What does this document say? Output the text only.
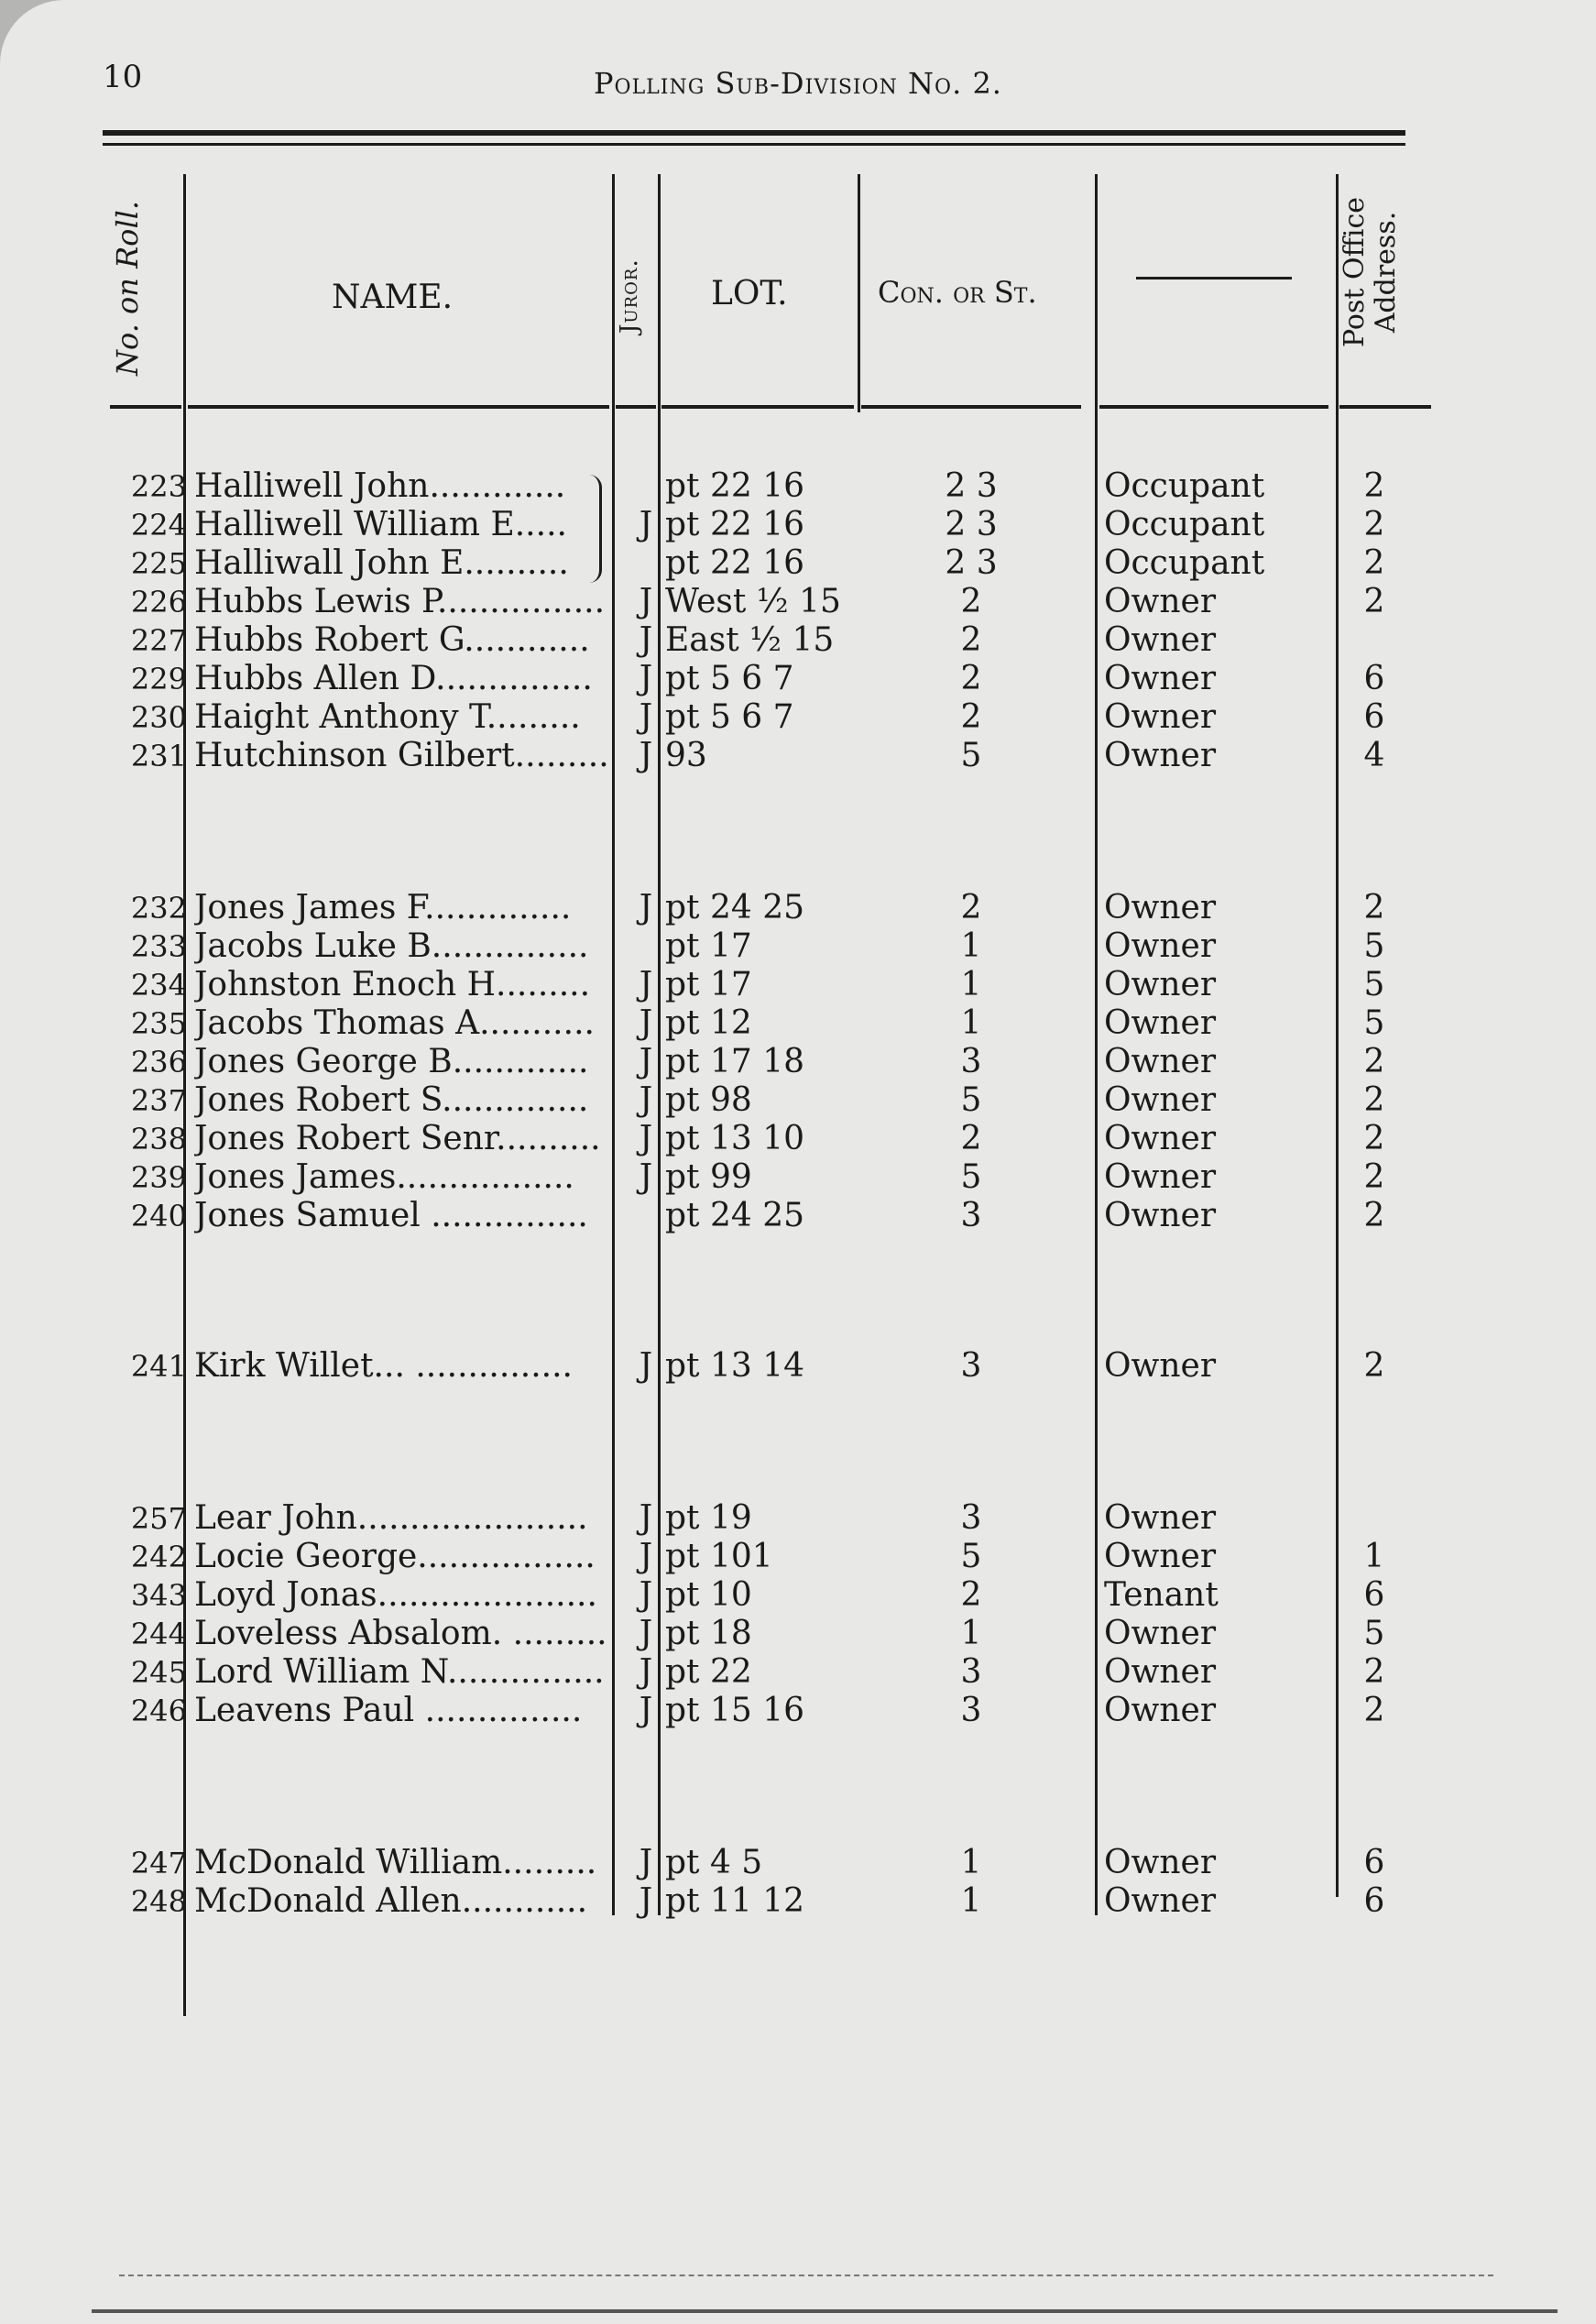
10	Polling Sub-Division No. 2.
No. on Roll.	NAME.	Juror. LOT.	Con. or St.	Post Office Address.
223 Halliwell John.............	pt 22 16	2 3	Occupant	2
224 Halliwell William E.....	J pt 22 16	2 3	Occupant	2
225 Halliwall John E..........	pt 22 16	2 3	Occupant	2
226 Hubbs Lewis P................ J West ½ 15	2	Owner	2
227 Hubbs Robert G............	J East ½ 15	2	Owner
229 Hubbs Allen D...............	J pt 5 6 7	2	Owner	6
230 Haight Anthony T.........	J pt 5 6 7	2	Owner	6
231 Hutchinson Gilbert......... J 93	5	Owner	4
232 Jones James F..............	J pt 24 25	2	Owner	2
233 Jacobs Luke B...............	pt 17	1	Owner	5
234 Johnston Enoch H.........	J pt 17	1	Owner	5
235 Jacobs Thomas A...........	J pt 12	1	Owner	5
236 Jones George B.............	J pt 17 18	3	Owner	2
237 Jones Robert S..............	J pt 98	5	Owner	2
238 Jones Robert Senr..........	J pt 13 10	2	Owner	2
239 Jones James.................	J pt 99	5	Owner	2
240 Jones Samuel ...............	pt 24 25	3	Owner	2
241 Kirk Willet... ...............	J pt 13 14	3	Owner	2
257 Lear John......................	J pt 19	3	Owner
242 Locie George.................	J pt 101	5	Owner	1
343 Loyd Jonas.....................	J pt 10	2	Tenant	6
244 Loveless Absalom. ......... J pt 18	1	Owner	5
245 Lord William N............... J pt 22	3	Owner	2
246 Leavens Paul ...............	J pt 15 16	3	Owner	2
247 McDonald William.........	J pt 4 5	1	Owner	6
248 McDonald Allen............	J pt 11 12	1	Owner	6
